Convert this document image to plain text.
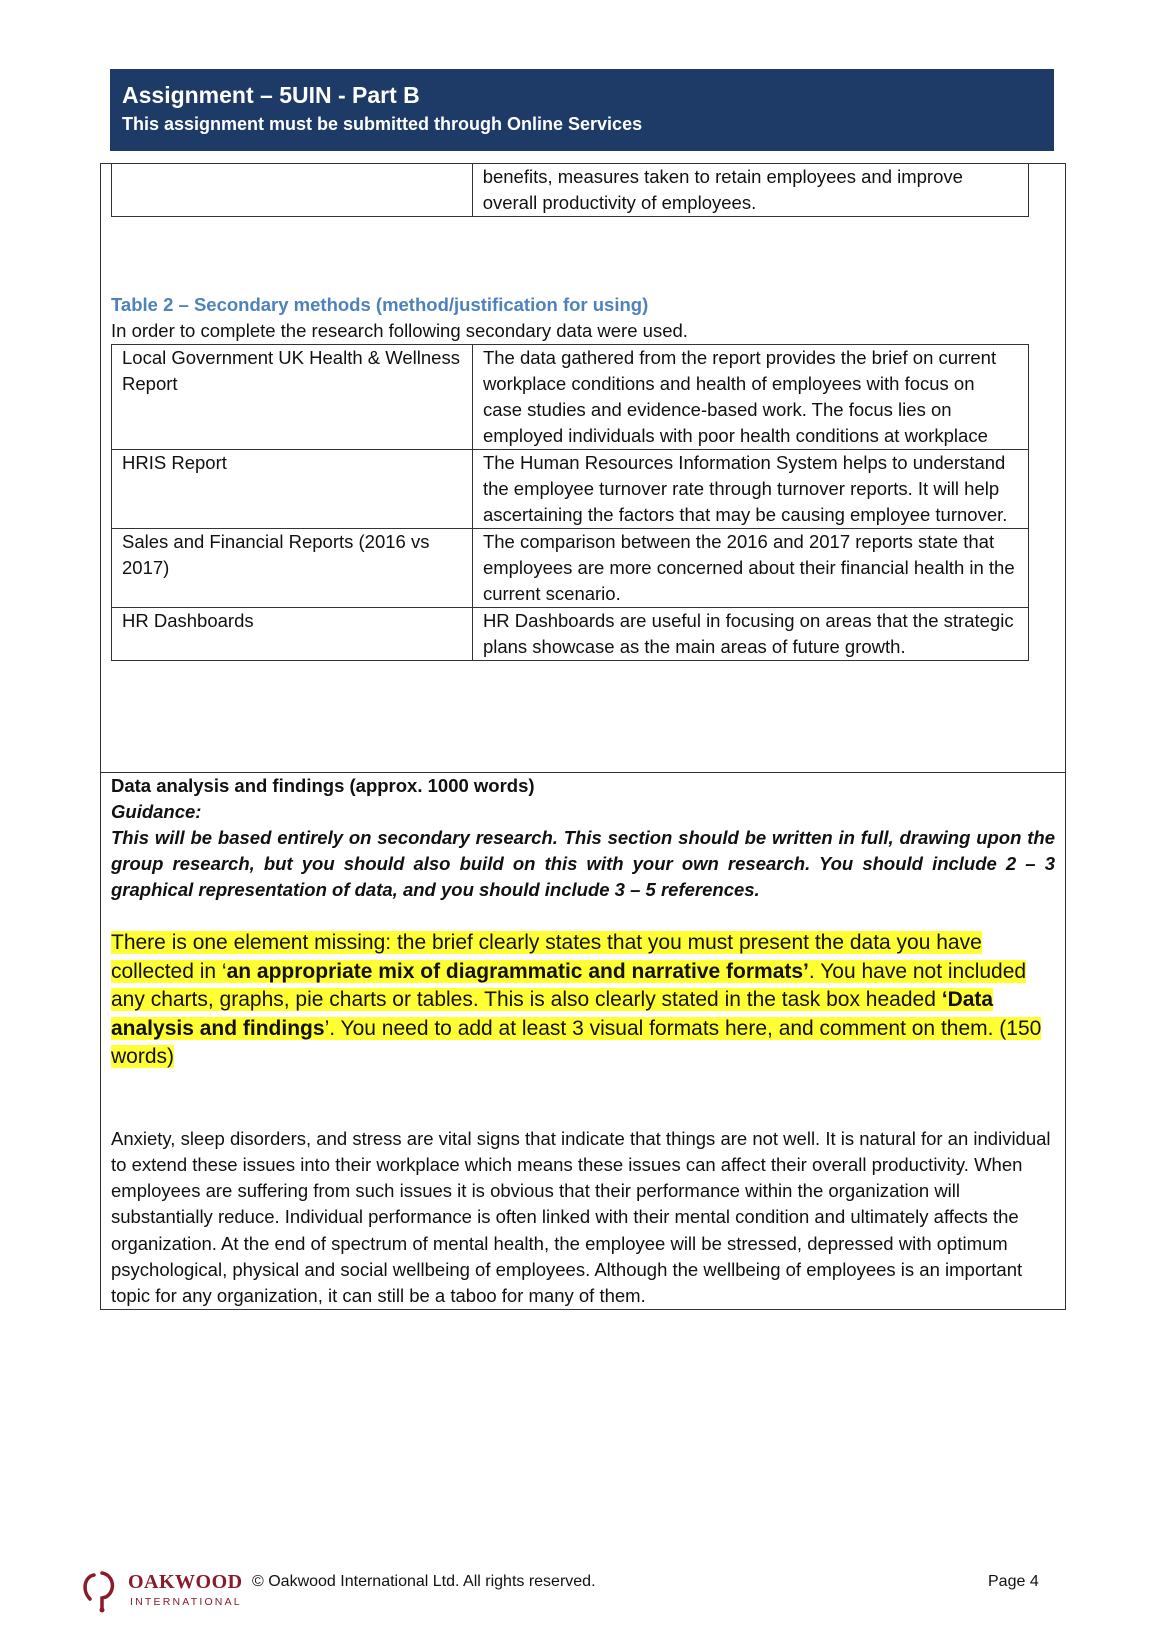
Assignment – 5UIN - Part B
This assignment must be submitted through Online Services
	benefits, measures taken to retain employees and improve overall productivity of employees.
Table 2 – Secondary methods (method/justification for using)
In order to complete the research following secondary data were used.
Local Government UK Health & Wellness Report	The data gathered from the report provides the brief on current workplace conditions and health of employees with focus on case studies and evidence-based work. The focus lies on employed individuals with poor health conditions at workplace
HRIS Report	The Human Resources Information System helps to understand the employee turnover rate through turnover reports. It will help ascertaining the factors that may be causing employee turnover.
Sales and Financial Reports (2016 vs 2017)	The comparison between the 2016 and 2017 reports state that employees are more concerned about their financial health in the current scenario.
HR Dashboards	HR Dashboards are useful in focusing on areas that the strategic plans showcase as the main areas of future growth.
Data analysis and findings (approx. 1000 words)
Guidance:
This will be based entirely on secondary research. This section should be written in full, drawing upon the group research, but you should also build on this with your own research. You should include 2 – 3 graphical representation of data, and you should include 3 – 5 references.
There is one element missing: the brief clearly states that you must present the data you have collected in ‘an appropriate mix of diagrammatic and narrative formats’. You have not included any charts, graphs, pie charts or tables. This is also clearly stated in the task box headed ‘Data analysis and findings’. You need to add at least 3 visual formats here, and comment on them. (150 words)
Anxiety, sleep disorders, and stress are vital signs that indicate that things are not well. It is natural for an individual to extend these issues into their workplace which means these issues can affect their overall productivity. When employees are suffering from such issues it is obvious that their performance within the organization will substantially reduce. Individual performance is often linked with their mental condition and ultimately affects the organization. At the end of spectrum of mental health, the employee will be stressed, depressed with optimum psychological, physical and social wellbeing of employees. Although the wellbeing of employees is an important topic for any organization, it can still be a taboo for many of them.
OAKWOOD
INTERNATIONAL
© Oakwood International Ltd. All rights reserved.	Page 4
